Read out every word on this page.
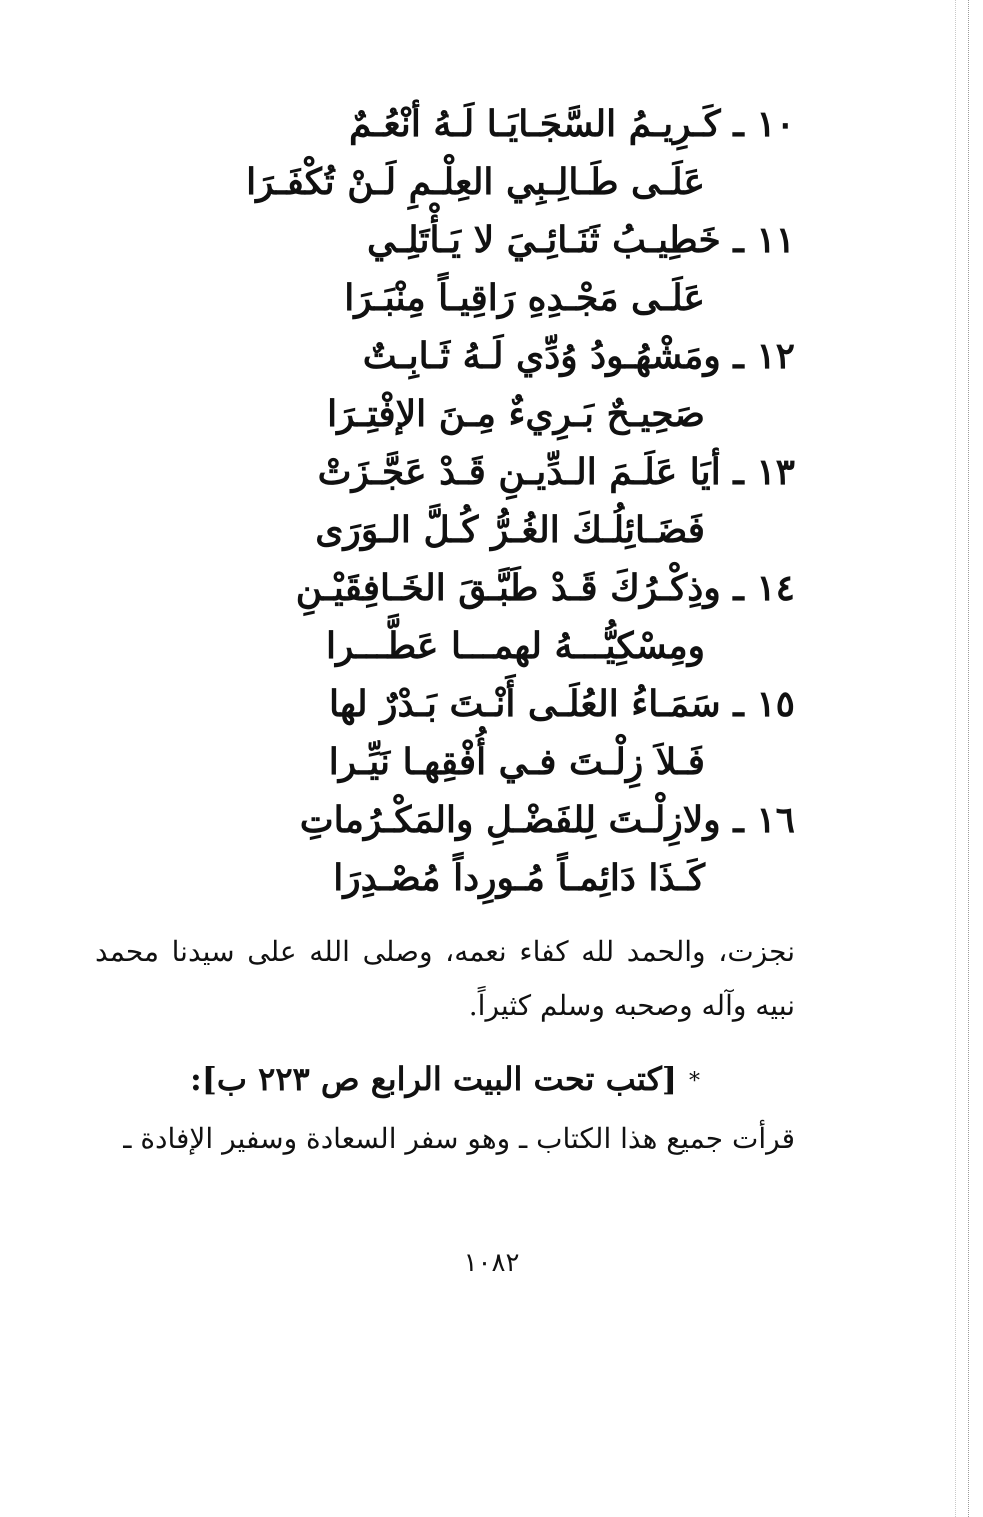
١٠ ـ كَـرِيـمُ السَّجَـايَـا لَـهُ أنْعُـمٌ
عَلَـى طَـالِـبِي العِلْـمِ لَـنْ تُكْفَـرَا
١١ ـ خَطِيـبُ ثَنَـائِـيَ لا يَـأْتَلِـي
عَلَـى مَجْـدِهِ رَاقِيـاً مِنْبَـرَا
١٢ ـ ومَشْهُـودُ وُدِّي لَـهُ ثَـابِـتٌ
صَحِيـحٌ بَـرِيءٌ مِـنَ الإفْتِـرَا
١٣ ـ أيَا عَلَـمَ الـدِّيـنِ قَـدْ عَجَّـزَتْ
فَضَـائِلُـكَ الغُـرُّ كُـلَّ الـوَرَى
١٤ ـ وذِكْـرُكَ قَـدْ طَبَّـقَ الخَـافِقَيْـنِ
ومِسْكِيُّـــهُ لهمـــا عَطَّـــرا
١٥ ـ سَمَـاءُ العُلَـى أَنْـتَ بَـدْرٌ لها
فَـلاَ زِلْـتَ فـي أُفْقِهـا نَيِّـرا
١٦ ـ ولازِلْـتَ لِلفَضْـلِ والمَكْـرُماتِ
كَـذَا دَائِمـاً مُـورِداً مُصْـدِرَا
نجزت، والحمد لله كفاء نعمه، وصلى الله على سيدنا محمد نبيه وآله وصحبه وسلم كثيراً.
*[كتب تحت البيت الرابع ص ٢٢٣ ب]:
قرأت جميع هذا الكتاب ـ وهو سفر السعادة وسفير الإفادة ـ
١٠٨٢
